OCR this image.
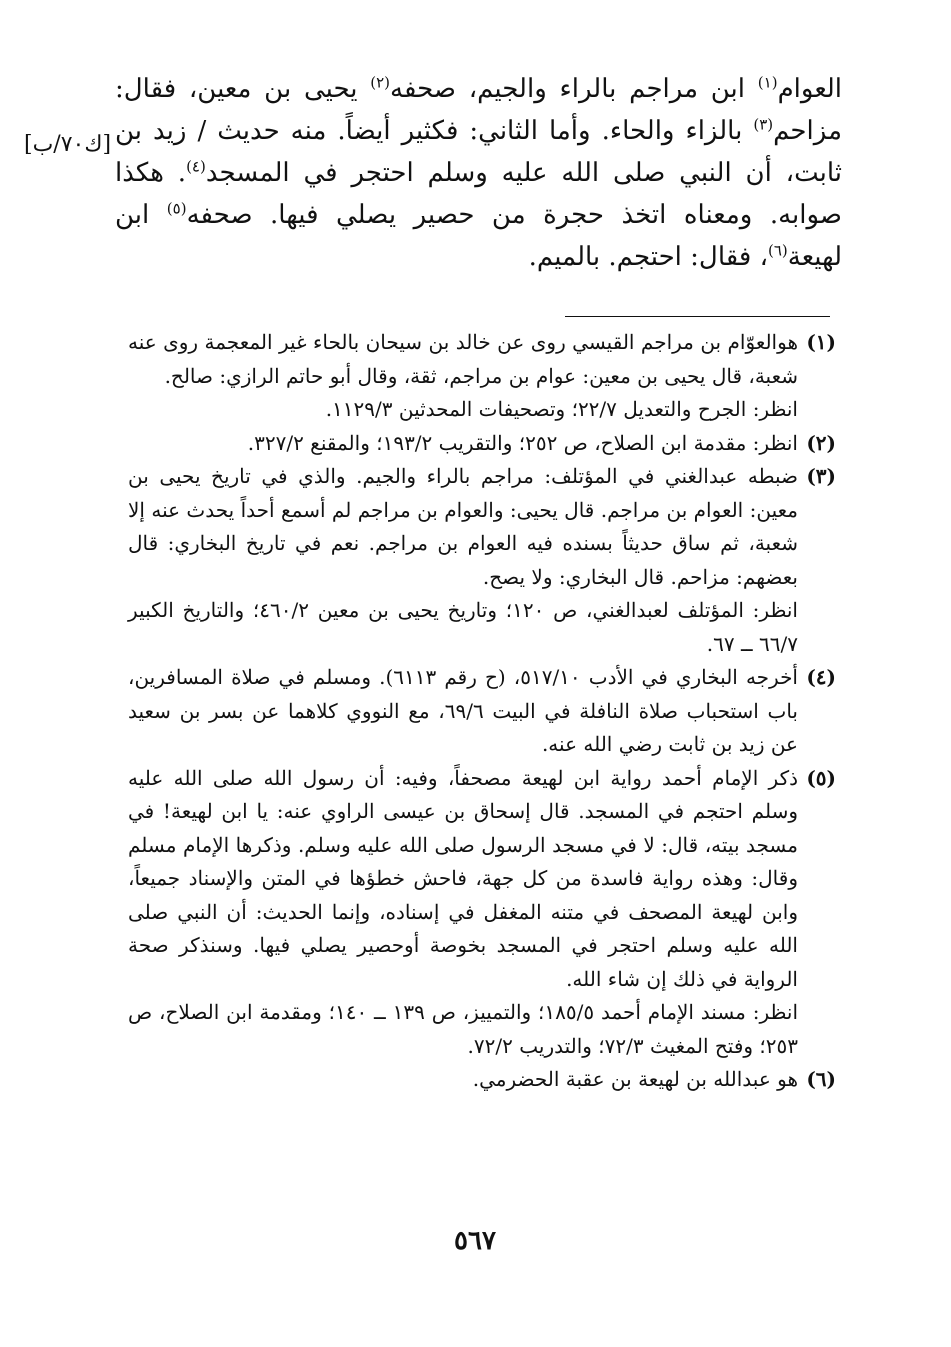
العوام$^{(١)}$ ابن مراجم بالراء والجيم، صحفه$^{(٢)}$ يحيى بن معين، فقال: مزاحم$^{(٣)}$ بالزاء والحاء. وأما الثاني: فكثير أيضاً. منه حديث / زيد بن ثابت، أن النبي صلى الله عليه وسلم احتجر في المسجد$^{(٤)}$. هكذا صوابه. ومعناه اتخذ حجرة من حصير يصلي فيها. صحفه$^{(٥)}$ ابن لهيعة$^{(٦)}$، فقال: احتجم. بالميم.

[ك٧٠/ب]
(١)

هوالعوّام بن مراجم القيسي روى عن خالد بن سيحان بالحاء غير المعجمة روى عنه شعبة، قال يحيى بن معين: عوام بن مراجم، ثقة، وقال أبو حاتم الرازي: صالح.

انظر: الجرح والتعديل ٢٢/٧؛ وتصحيفات المحدثين ١١٢٩/٣.

(٢)

انظر: مقدمة ابن الصلاح، ص ٢٥٢؛ والتقريب ١٩٣/٢؛ والمقنع ٣٢٧/٢.

(٣)

ضبطه عبدالغني في المؤتلف: مراجم بالراء والجيم. والذي في تاريخ يحيى بن معين: العوام بن مراجم. قال يحيى: والعوام بن مراجم لم أسمع أحداً يحدث عنه إلا شعبة، ثم ساق حديثاً بسنده فيه العوام بن مراجم. نعم في تاريخ البخاري: قال بعضهم: مزاحم. قال البخاري: ولا يصح.

انظر: المؤتلف لعبدالغني، ص ١٢٠؛ وتاريخ يحيى بن معين ٤٦٠/٢؛ والتاريخ الكبير ٦٦/٧ ــ ٦٧.

(٤)

أخرجه البخاري في الأدب ٥١٧/١٠، (ح رقم ٦١١٣). ومسلم في صلاة المسافرين، باب استحباب صلاة النافلة في البيت ٦٩/٦، مع النووي كلاهما عن بسر بن سعيد عن زيد بن ثابت رضي الله عنه.

(٥)

ذكر الإمام أحمد رواية ابن لهيعة مصحفاً، وفيه: أن رسول الله صلى الله عليه وسلم احتجم في المسجد. قال إسحاق بن عيسى الراوي عنه: يا ابن لهيعة! في مسجد بيته، قال: لا في مسجد الرسول صلى الله عليه وسلم. وذكرها الإمام مسلم وقال: وهذه رواية فاسدة من كل جهة، فاحش خطؤها في المتن والإسناد جميعاً، وابن لهيعة المصحف في متنه المغفل في إسناده، وإنما الحديث: أن النبي صلى الله عليه وسلم احتجر في المسجد بخوصة أوحصير يصلي فيها. وسنذكر صحة الرواية في ذلك إن شاء الله.

انظر: مسند الإمام أحمد ١٨٥/٥؛ والتمييز، ص ١٣٩ ــ ١٤٠؛ ومقدمة ابن الصلاح، ص ٢٥٣؛ وفتح المغيث ٧٢/٣؛ والتدريب ٧٢/٢.

(٦)

هو عبدالله بن لهيعة بن عقبة الحضرمي.

٥٦٧
